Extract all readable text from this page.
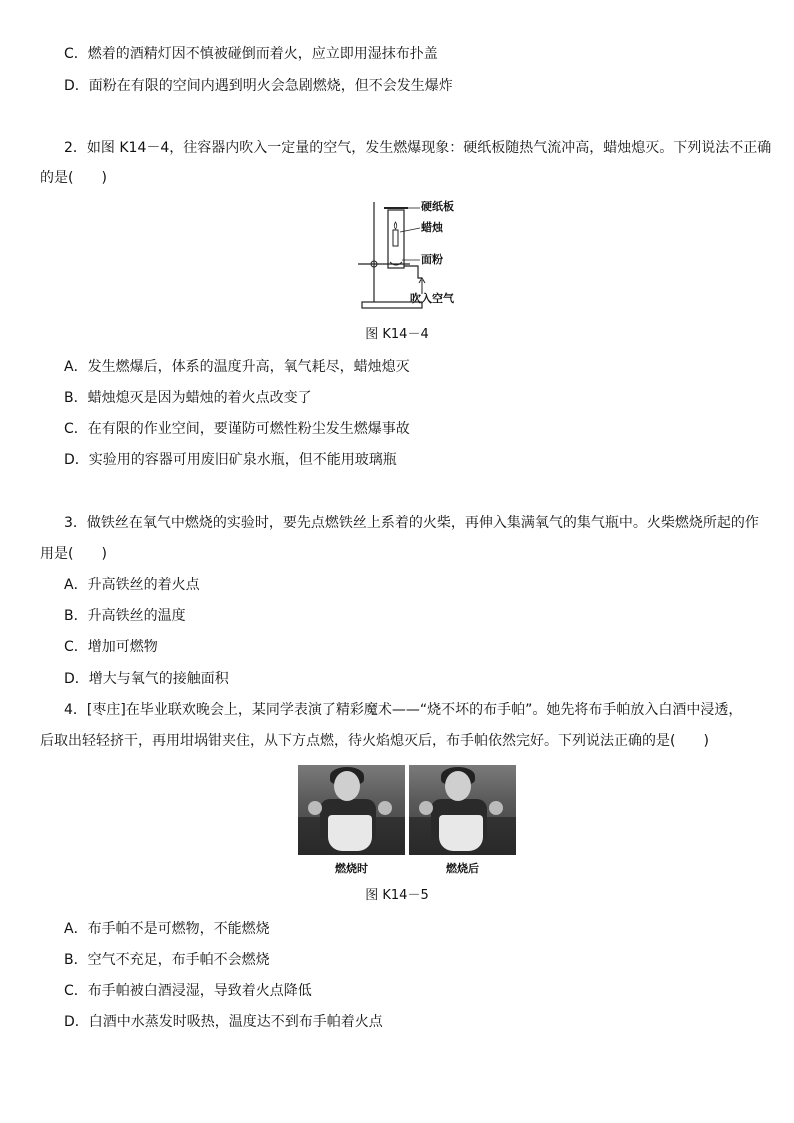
C．燃着的酒精灯因不慎被碰倒而着火，应立即用湿抹布扑盖
D．面粉在有限的空间内遇到明火会急剧燃烧，但不会发生爆炸
2．如图 K14－4，往容器内吹入一定量的空气，发生燃爆现象：硬纸板随热气流冲高，蜡烛熄灭。下列说法不正确
的是(　　)
硬纸板
蜡烛
面粉
吹入空气
图 K14－4
A．发生燃爆后，体系的温度升高，氧气耗尽，蜡烛熄灭
B．蜡烛熄灭是因为蜡烛的着火点改变了
C．在有限的作业空间，要谨防可燃性粉尘发生燃爆事故
D．实验用的容器可用废旧矿泉水瓶，但不能用玻璃瓶
3．做铁丝在氧气中燃烧的实验时，要先点燃铁丝上系着的火柴，再伸入集满氧气的集气瓶中。火柴燃烧所起的作
用是(　　)
A．升高铁丝的着火点
B．升高铁丝的温度
C．增加可燃物
D．增大与氧气的接触面积
4．[枣庄]在毕业联欢晚会上，某同学表演了精彩魔术——“烧不坏的布手帕”。她先将布手帕放入白酒中浸透，
后取出轻轻挤干，再用坩埚钳夹住，从下方点燃，待火焰熄灭后，布手帕依然完好。下列说法正确的是(　　)
燃烧时	燃烧后
图 K14－5
A．布手帕不是可燃物，不能燃烧
B．空气不充足，布手帕不会燃烧
C．布手帕被白酒浸湿，导致着火点降低
D．白酒中水蒸发时吸热，温度达不到布手帕着火点
